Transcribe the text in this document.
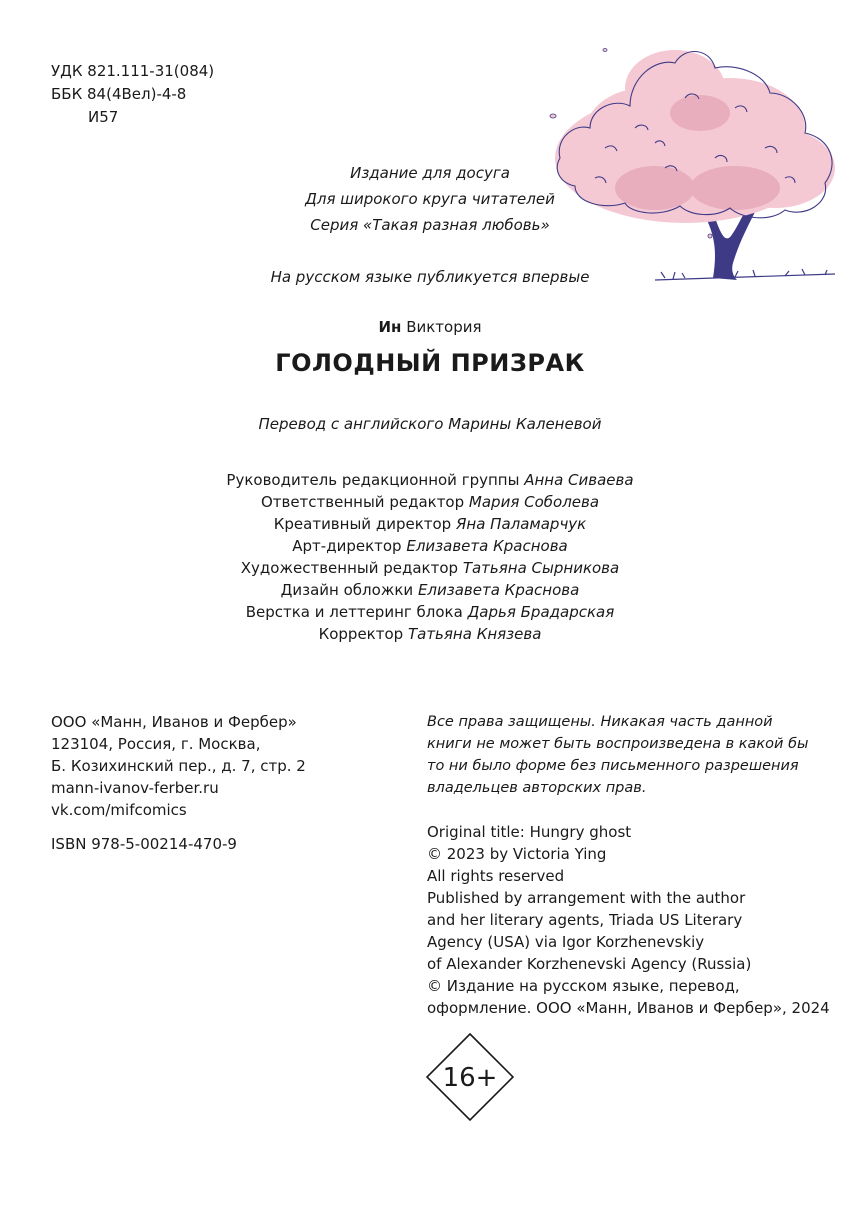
УДК 821.111-31(084)
ББК 84(4Вел)-4-8
И57
Издание для досуга
Для широкого круга читателей
Серия «Такая разная любовь»
На русском языке публикуется впервые
Ин Виктория
ГОЛОДНЫЙ ПРИЗРАК
Перевод с английского Марины Каленевой
Руководитель редакционной группы Анна Сиваева
Ответственный редактор Мария Соболева
Креативный директор Яна Паламарчук
Арт-директор Елизавета Краснова
Художественный редактор Татьяна Сырникова
Дизайн обложки Елизавета Краснова
Верстка и леттеринг блока Дарья Брадарская
Корректор Татьяна Князева
ООО «Манн, Иванов и Фербер»
123104, Россия, г. Москва,
Б. Козихинский пер., д. 7, стр. 2
mann-ivanov-ferber.ru
vk.com/mifcomics
ISBN 978-5-00214-470-9
Все права защищены. Никакая часть данной
книги не может быть воспроизведена в какой бы
то ни было форме без письменного разрешения
владельцев авторских прав.
Original title: Hungry ghost
© 2023 by Victoria Ying
All rights reserved
Published by arrangement with the author
and her literary agents, Triada US Literary
Agency (USA) via Igor Korzhenevskiy
of Alexander Korzhenevski Agency (Russia)
© Издание на русском языке, перевод,
оформление. ООО «Манн, Иванов и Фербер», 2024
16+
